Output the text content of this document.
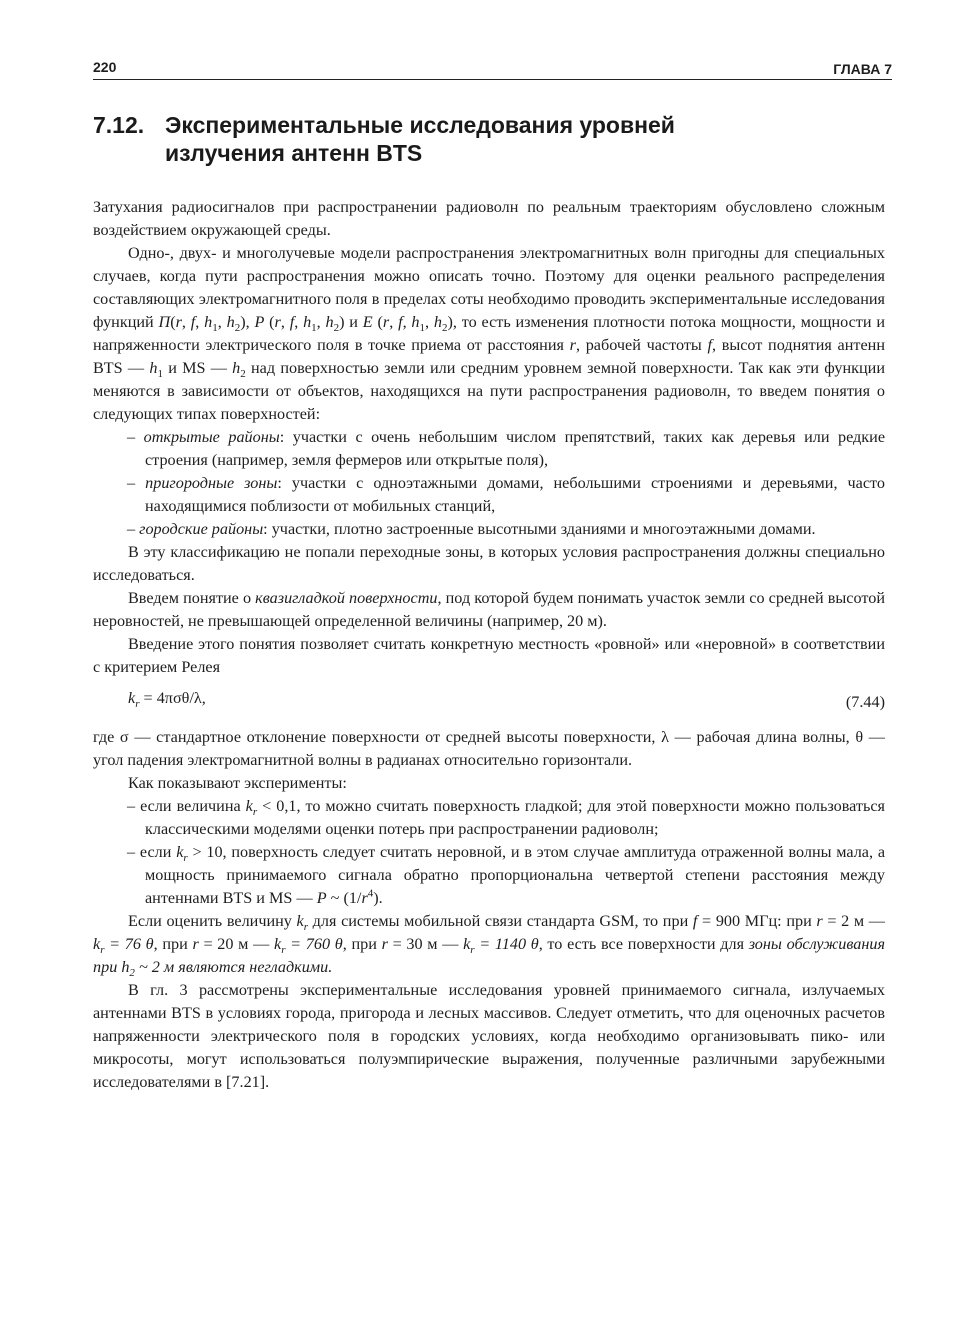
220	ГЛАВА 7
7.12. Экспериментальные исследования уровней излучения антенн BTS

Затухания радиосигналов при распространении радиоволн по реальным траекториям обусловлено сложным воздействием окружающей среды.

Одно-, двух- и многолучевые модели распространения электромагнитных волн пригодны для специальных случаев, когда пути распространения можно описать точно. Поэтому для оценки реального распределения составляющих электромагнитного поля в пределах соты необходимо проводить экспериментальные исследования функций П(r, f, $h_1$, $h_2$), P (r, f, $h_1$, $h_2$) и E (r, f, $h_1$, $h_2$), то есть изменения плотности потока мощности, мощности и напряженности электрического поля в точке приема от расстояния r, рабочей частоты f, высот поднятия антенн BTS — $h_1$ и MS — $h_2$ над поверхностью земли или средним уровнем земной поверхности. Так как эти функции меняются в зависимости от объектов, находящихся на пути распространения радиоволн, то введем понятия о следующих типах поверхностей:

– открытые районы: участки с очень небольшим числом препятствий, таких как деревья или редкие строения (например, земля фермеров или открытые поля),

– пригородные зоны: участки с одноэтажными домами, небольшими строениями и деревьями, часто находящимися поблизости от мобильных станций,

– городские районы: участки, плотно застроенные высотными зданиями и многоэтажными домами.

В эту классификацию не попали переходные зоны, в которых условия распространения должны специально исследоваться.

Введем понятие о квазигладкой поверхности, под которой будем понимать участок земли со средней высотой неровностей, не превышающей определенной величины (например, 20 м).

Введение этого понятия позволяет считать конкретную местность «ровной» или «неровной» в соответствии с критерием Релея

$k_r = 4\pi\sigma\theta/\lambda$,	(7.44)

где σ — стандартное отклонение поверхности от средней высоты поверхности, λ — рабочая длина волны, θ — угол падения электромагнитной волны в радианах относительно горизонтали.

Как показывают эксперименты:

– если величина $k_r < 0,1$, то можно считать поверхность гладкой; для этой поверхности можно пользоваться классическими моделями оценки потерь при распространении радиоволн;

– если $k_r > 10$, поверхность следует считать неровной, и в этом случае амплитуда отраженной волны мала, а мощность принимаемого сигнала обратно пропорциональна четвертой степени расстояния между антеннами BTS и MS — P ~ $(1/r^4)$.

Если оценить величину $k_r$ для системы мобильной связи стандарта GSM, то при f = 900 МГц: при r = 2 м — $k_r = 76$ θ, при r = 20 м — $k_r = 760$ θ, при r = 30 м — $k_r = 1140$ θ, то есть все поверхности для зоны обслуживания при $h_2$ ~ 2 м являются негладкими.

В гл. 3 рассмотрены экспериментальные исследования уровней принимаемого сигнала, излучаемых антеннами BTS в условиях города, пригорода и лесных массивов. Следует отметить, что для оценочных расчетов напряженности электрического поля в городских условиях, когда необходимо организовывать пико- или микросоты, могут использоваться полуэмпирические выражения, полученные различными зарубежными исследователями в [7.21].
